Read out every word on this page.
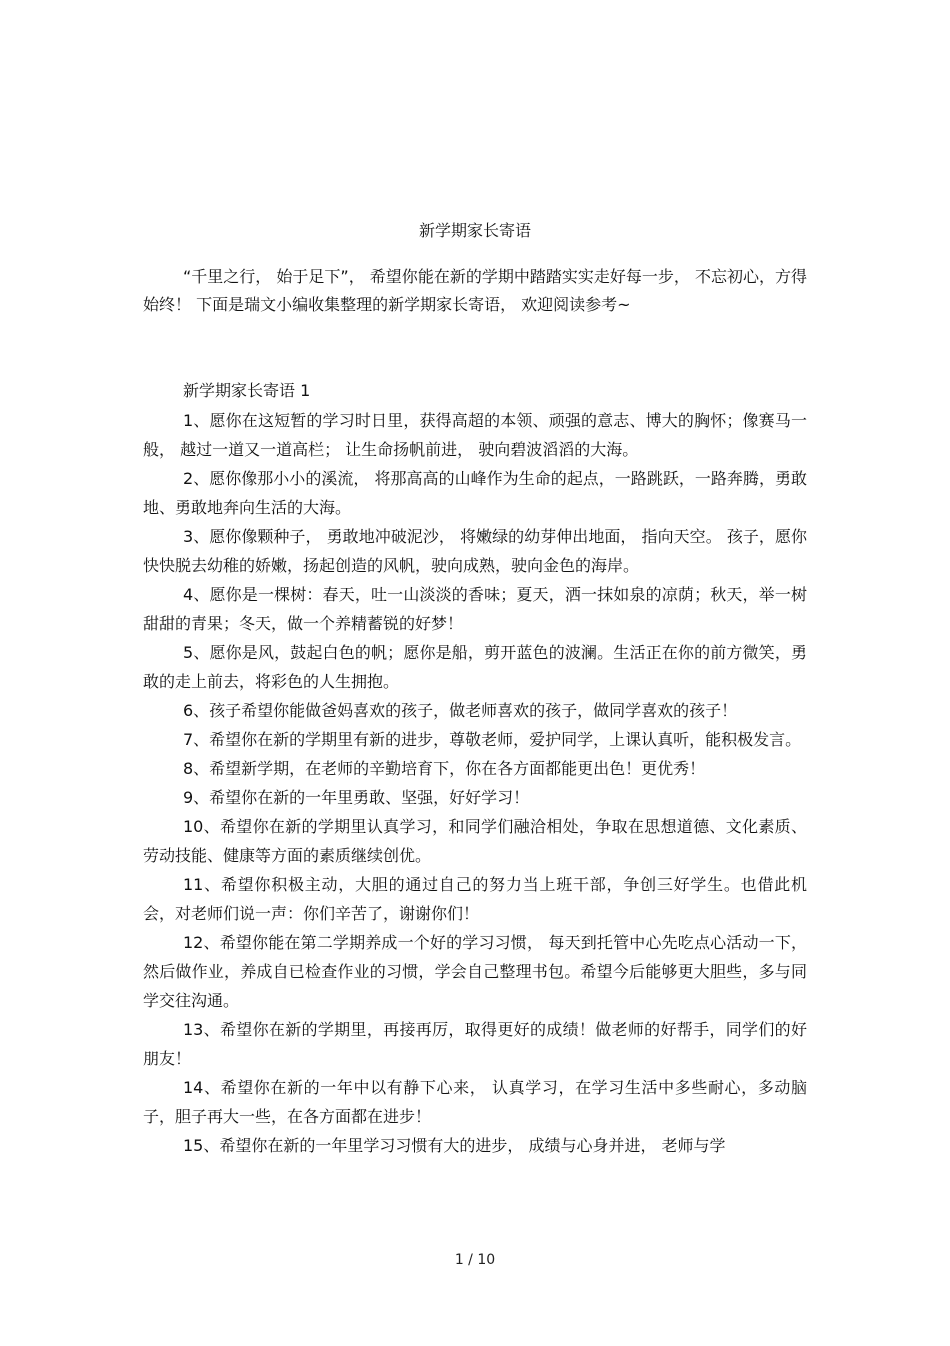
新学期家长寄语

“千里之行， 始于足下”， 希望你能在新的学期中踏踏实实走好每一步， 不忘初心，方得始终！ 下面是瑞文小编收集整理的新学期家长寄语， 欢迎阅读参考~

新学期家长寄语 1
1、愿你在这短暂的学习时日里，获得高超的本领、顽强的意志、博大的胸怀；像赛马一般， 越过一道又一道高栏； 让生命扬帆前进， 驶向碧波滔滔的大海。
2、愿你像那小小的溪流， 将那高高的山峰作为生命的起点，一路跳跃，一路奔腾，勇敢地、勇敢地奔向生活的大海。
3、愿你像颗种子， 勇敢地冲破泥沙， 将嫩绿的幼芽伸出地面， 指向天空。 孩子，愿你快快脱去幼稚的娇嫩，扬起创造的风帆，驶向成熟，驶向金色的海岸。
4、愿你是一棵树：春天，吐一山淡淡的香味；夏天，洒一抹如泉的凉荫；秋天，举一树甜甜的青果；冬天，做一个养精蓄锐的好梦！
5、愿你是风，鼓起白色的帆；愿你是船，剪开蓝色的波澜。生活正在你的前方微笑，勇敢的走上前去，将彩色的人生拥抱。
6、孩子希望你能做爸妈喜欢的孩子，做老师喜欢的孩子，做同学喜欢的孩子！
7、希望你在新的学期里有新的进步，尊敬老师，爱护同学，上课认真听，能积极发言。
8、希望新学期，在老师的辛勤培育下，你在各方面都能更出色！更优秀！
9、希望你在新的一年里勇敢、坚强，好好学习！
10、希望你在新的学期里认真学习，和同学们融洽相处，争取在思想道德、文化素质、劳动技能、健康等方面的素质继续创优。
11、希望你积极主动，大胆的通过自己的努力当上班干部，争创三好学生。也借此机会，对老师们说一声：你们辛苦了，谢谢你们！
12、希望你能在第二学期养成一个好的学习习惯， 每天到托管中心先吃点心活动一下，然后做作业，养成自已检查作业的习惯，学会自己整理书包。希望今后能够更大胆些，多与同学交往沟通。
13、希望你在新的学期里，再接再厉，取得更好的成绩！做老师的好帮手，同学们的好朋友！
14、希望你在新的一年中以有静下心来， 认真学习，在学习生活中多些耐心，多动脑子，胆子再大一些，在各方面都在进步！
15、希望你在新的一年里学习习惯有大的进步， 成绩与心身并进， 老师与学
1 / 10
